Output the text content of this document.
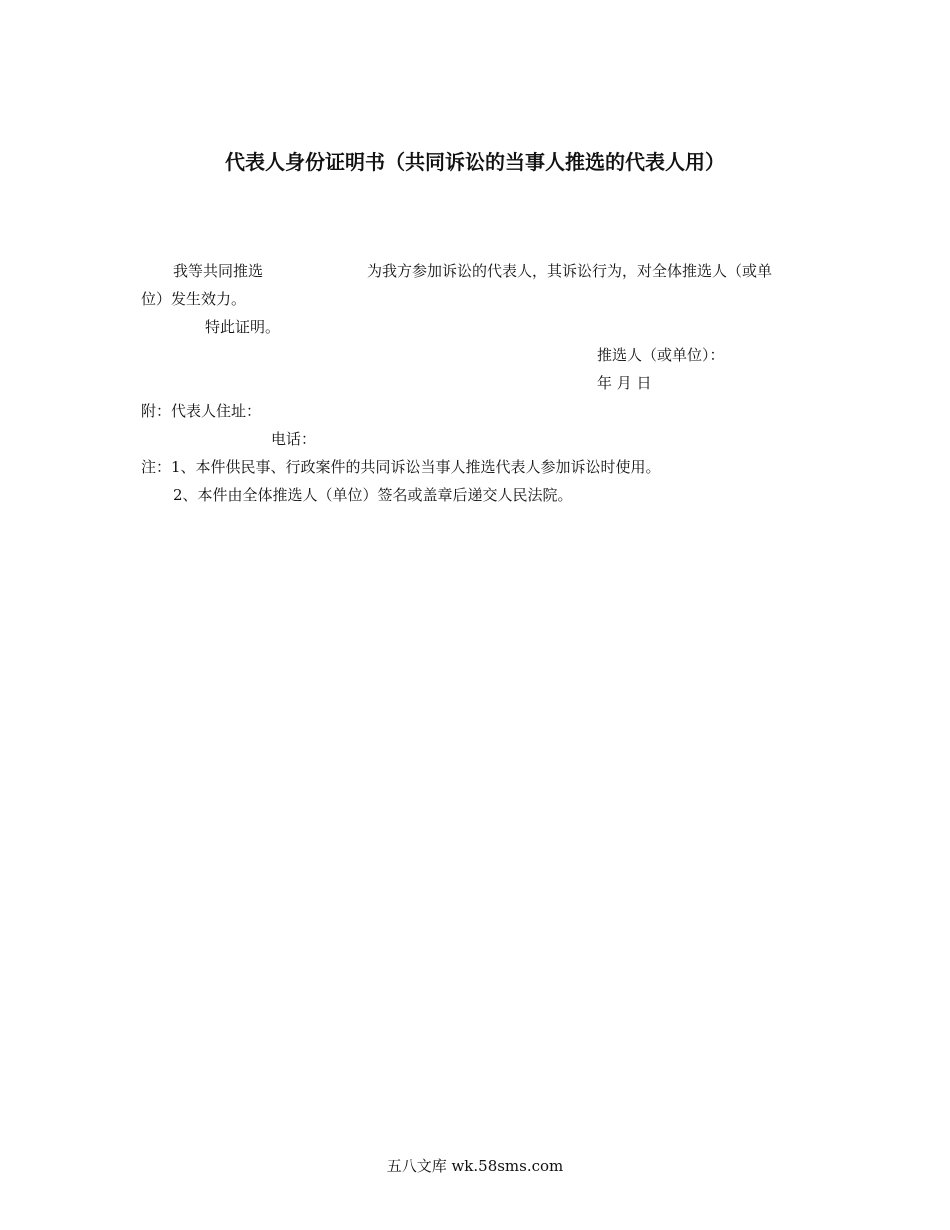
代表人身份证明书（共同诉讼的当事人推选的代表人用）
我等共同推选	为我方参加诉讼的代表人，其诉讼行为，对全体推选人（或单
位）发生效力。
特此证明。
推选人（或单位）：
年 月 日
附：代表人住址：
电话：
注：1、本件供民事、行政案件的共同诉讼当事人推选代表人参加诉讼时使用。
2、本件由全体推选人（单位）签名或盖章后递交人民法院。
五八文库 wk.58sms.com
